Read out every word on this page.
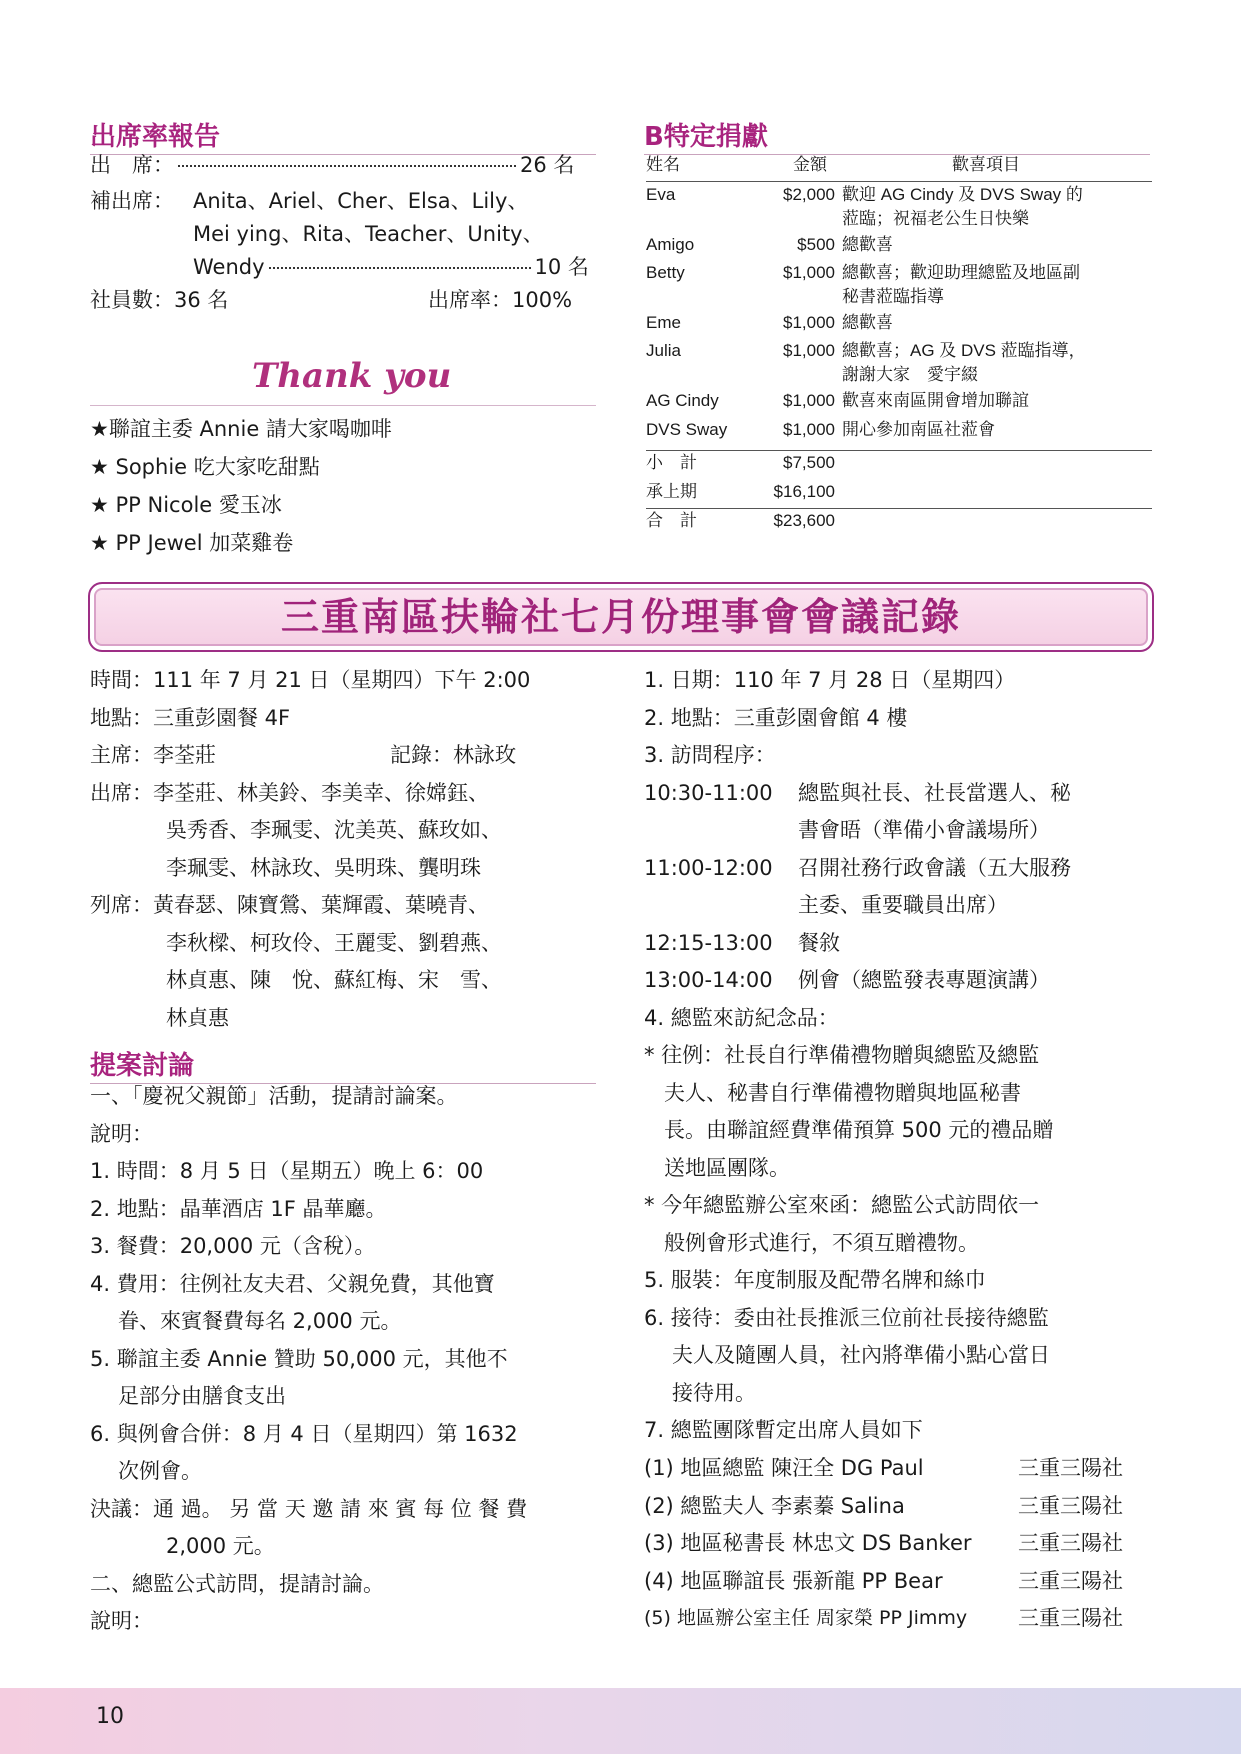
出席率報告
出　席：	26 名
補出席： Anita、Ariel、Cher、Elsa、Lily、
Mei ying、Rita、Teacher、Unity、
Wendy	10 名
社員數：36 名	出席率：100%
Thank you
★聯誼主委 Annie 請大家喝咖啡
★ Sophie 吃大家吃甜點
★ PP Nicole 愛玉冰
★ PP Jewel 加菜雞卷
B特定捐獻
姓名	金額	歡喜項目
Eva	$2,000 歡迎 AG Cindy 及 DVS Sway 的
蒞臨；祝福老公生日快樂
Amigo	$500 總歡喜
Betty	$1,000 總歡喜；歡迎助理總監及地區副
秘書蒞臨指導
Eme	$1,000 總歡喜
Julia	$1,000 總歡喜；AG 及 DVS 蒞臨指導，
謝謝大家　愛宇綴
AG Cindy	$1,000 歡喜來南區開會增加聯誼
DVS Sway	$1,000 開心參加南區社蒞會
小　計	$7,500
承上期	$16,100
合　計	$23,600
三重南區扶輪社七月份理事會會議記錄
時間：111 年 7 月 21 日（星期四）下午 2:00
地點：三重彭園餐 4F
主席：李荃莊	記錄：林詠玫
出席：李荃莊、林美鈴、李美幸、徐嫦鈺、
吳秀香、李珮雯、沈美英、蘇玫如、
李珮雯、林詠玫、吳明珠、龔明珠
列席：黃春瑟、陳寶鶯、葉輝霞、葉曉青、
李秋樑、柯玫伶、王麗雯、劉碧燕、
林貞惠、陳　悅、蘇紅梅、宋　雪、
林貞惠
提案討論
一、「慶祝父親節」活動，提請討論案。
說明：
1. 時間：8 月 5 日（星期五）晚上 6：00
2. 地點：晶華酒店 1F 晶華廳。
3. 餐費：20,000 元（含稅）。
4. 費用：往例社友夫君、父親免費，其他寶
眷、來賓餐費每名 2,000 元。
5. 聯誼主委 Annie 贊助 50,000 元，其他不
足部分由膳食支出
6. 與例會合併：8 月 4 日（星期四）第 1632
次例會。
決議：通 過。 另 當 天 邀 請 來 賓 每 位 餐 費
2,000 元。
二、總監公式訪問，提請討論。
說明：
1. 日期：110 年 7 月 28 日（星期四）
2. 地點：三重彭園會館 4 樓
3. 訪問程序：
10:30-11:00 總監與社長、社長當選人、秘
書會晤（準備小會議場所）
11:00-12:00 召開社務行政會議（五大服務
主委、重要職員出席）
12:15-13:00 餐敘
13:00-14:00 例會（總監發表專題演講）
4. 總監來訪紀念品：
* 往例：社長自行準備禮物贈與總監及總監
夫人、秘書自行準備禮物贈與地區秘書
長。由聯誼經費準備預算 500 元的禮品贈
送地區團隊。
* 今年總監辦公室來函：總監公式訪問依一
般例會形式進行，不須互贈禮物。
5. 服裝：年度制服及配帶名牌和絲巾
6. 接待：委由社長推派三位前社長接待總監
夫人及隨團人員，社內將準備小點心當日
接待用。
7. 總監團隊暫定出席人員如下
(1) 地區總監 陳汪全 DG Paul	三重三陽社
(2) 總監夫人 李素蓁 Salina	三重三陽社
(3) 地區秘書長 林忠文 DS Banker 三重三陽社
(4) 地區聯誼長 張新龍 PP Bear	三重三陽社
(5) 地區辦公室主任 周家榮 PP Jimmy 三重三陽社
10
